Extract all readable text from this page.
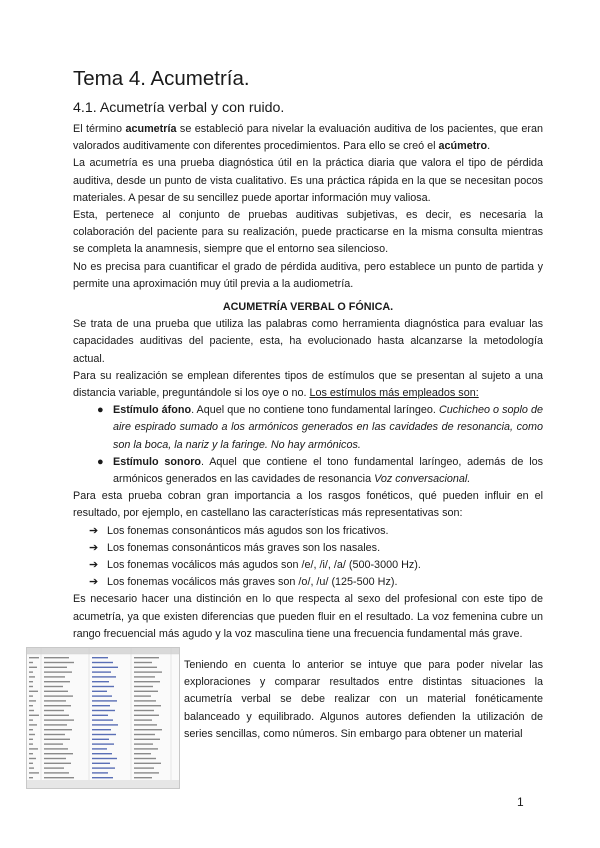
Tema 4. Acumetría.
4.1. Acumetría verbal y con ruido.

El término acumetría se estableció para nivelar la evaluación auditiva de los pacientes, que eran valorados auditivamente con diferentes procedimientos. Para ello se creó el acúmetro.

La acumetría es una prueba diagnóstica útil en la práctica diaria que valora el tipo de pérdida auditiva, desde un punto de vista cualitativo. Es una práctica rápida en la que se necesitan pocos materiales. A pesar de su sencillez puede aportar información muy valiosa.

Esta, pertenece al conjunto de pruebas auditivas subjetivas, es decir, es necesaria la colaboración del paciente para su realización, puede practicarse en la misma consulta mientras se completa la anamnesis, siempre que el entorno sea silencioso.

No es precisa para cuantificar el grado de pérdida auditiva, pero establece un punto de partida y permite una aproximación muy útil previa a la audiometría.

ACUMETRÍA VERBAL O FÓNICA.

Se trata de una prueba que utiliza las palabras como herramienta diagnóstica para evaluar las capacidades auditivas del paciente, esta, ha evolucionado hasta alcanzarse la metodología actual.

Para su realización se emplean diferentes tipos de estímulos que se presentan al sujeto a una distancia variable, preguntándole si los oye o no. Los estímulos más empleados son:

● Estímulo áfono. Aquel que no contiene tono fundamental laríngeo. Cuchicheo o soplo de aire espirado sumado a los armónicos generados en las cavidades de resonancia, como son la boca, la nariz y la faringe. No hay armónicos.
● Estímulo sonoro. Aquel que contiene el tono fundamental laríngeo, además de los armónicos generados en las cavidades de resonancia Voz conversacional.

Para esta prueba cobran gran importancia a los rasgos fonéticos, qué pueden influir en el resultado, por ejemplo, en castellano las características más representativas son:

➔ Los fonemas consonánticos más agudos son los fricativos.
➔ Los fonemas consonánticos más graves son los nasales.
➔ Los fonemas vocálicos más agudos son /e/, /i/, /a/ (500-3000 Hz).
➔ Los fonemas vocálicos más graves son /o/, /u/ (125-500 Hz).

Es necesario hacer una distinción en lo que respecta al sexo del profesional con este tipo de acumetría, ya que existen diferencias que pueden fluir en el resultado. La voz femenina cubre un rango frecuencial más agudo y la voz masculina tiene una frecuencia fundamental más grave.

Teniendo en cuenta lo anterior se intuye que para poder nivelar las exploraciones y comparar resultados entre distintas situaciones la acumetría verbal se debe realizar con un material fonéticamente balanceado y equilibrado. Algunos autores defienden la utilización de series sencillas, como números. Sin embargo para obtener un material

1
